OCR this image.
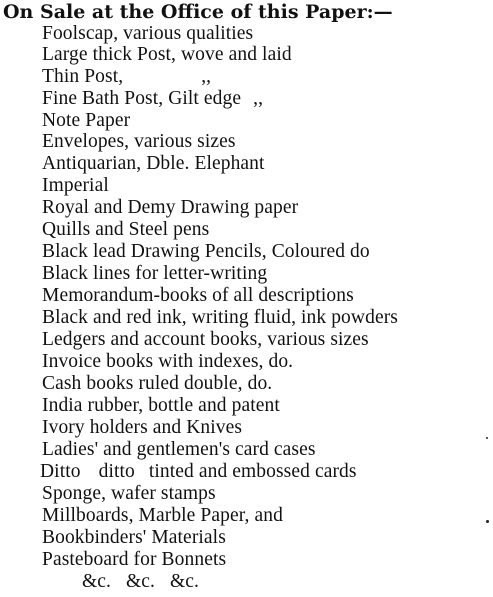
On Sale at the Office of this Paper:—
Foolscap, various qualities
Large thick Post, wove and laid
Thin Post,	,,
Fine Bath Post, Gilt edge ,,
Note Paper
Envelopes, various sizes
Antiquarian, Dble. Elephant
Imperial
Royal and Demy Drawing paper
Quills and Steel pens
Black lead Drawing Pencils, Coloured do
Black lines for letter-writing
Memorandum-books of all descriptions
Black and red ink, writing fluid, ink powders
Ledgers and account books, various sizes
Invoice books with indexes, do.
Cash books ruled double, do.
India rubber, bottle and patent
Ivory holders and Knives
Ladies' and gentlemen's card cases
Ditto ditto tinted and embossed cards
Sponge, wafer stamps
Millboards, Marble Paper, and
Bookbinders' Materials
Pasteboard for Bonnets
&c. &c. &c.
